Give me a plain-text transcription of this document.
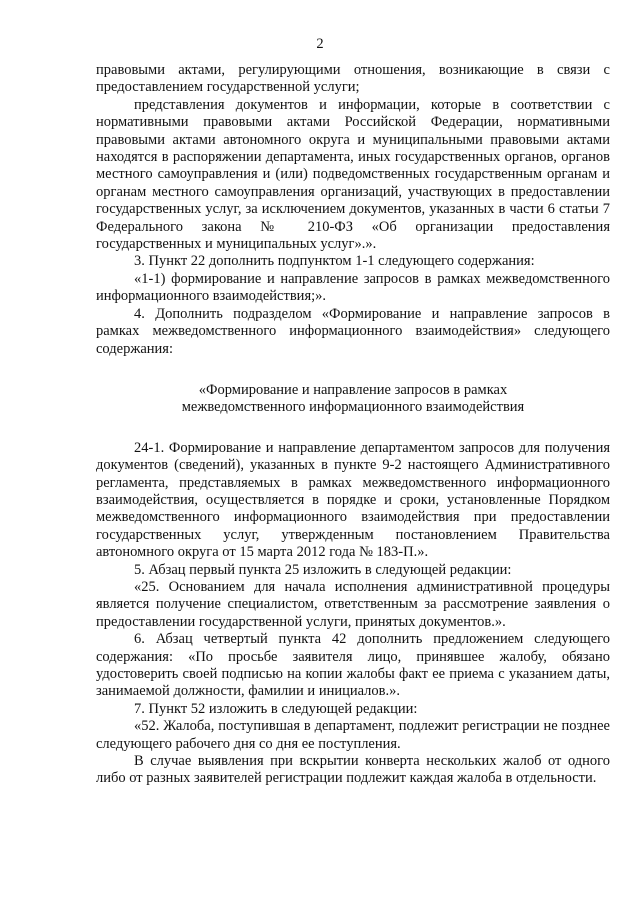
2

правовыми актами, регулирующими отношения, возникающие в связи с предоставлением государственной услуги;

представления документов и информации, которые в соответствии с нормативными правовыми актами Российской Федерации, нормативными правовыми актами автономного округа и муниципальными правовыми актами находятся в распоряжении департамента, иных государственных органов, органов местного самоуправления и (или) подведомственных государственным органам и органам местного самоуправления организаций, участвующих в предоставлении государственных услуг, за исключением документов, указанных в части 6 статьи 7 Федерального закона № 210-ФЗ «Об организации предоставления государственных и муниципальных услуг».».

3. Пункт 22 дополнить подпунктом 1-1 следующего содержания:

«1-1) формирование и направление запросов в рамках межведомственного информационного взаимодействия;».

4. Дополнить подразделом «Формирование и направление запросов в рамках межведомственного информационного взаимодействия» следующего содержания:

«Формирование и направление запросов в рамках
межведомственного информационного взаимодействия

24-1. Формирование и направление департаментом запросов для получения документов (сведений), указанных в пункте 9-2 настоящего Административного регламента, представляемых в рамках межведомственного информационного взаимодействия, осуществляется в порядке и сроки, установленные Порядком межведомственного информационного взаимодействия при предоставлении государственных услуг, утвержденным постановлением Правительства автономного округа от 15 марта 2012 года № 183-П.».

5. Абзац первый пункта 25 изложить в следующей редакции:

«25. Основанием для начала исполнения административной процедуры является получение специалистом, ответственным за рассмотрение заявления о предоставлении государственной услуги, принятых документов.».

6. Абзац четвертый пункта 42 дополнить предложением следующего содержания: «По просьбе заявителя лицо, принявшее жалобу, обязано удостоверить своей подписью на копии жалобы факт ее приема с указанием даты, занимаемой должности, фамилии и инициалов.».

7. Пункт 52 изложить в следующей редакции:

«52. Жалоба, поступившая в департамент, подлежит регистрации не позднее следующего рабочего дня со дня ее поступления.

В случае выявления при вскрытии конверта нескольких жалоб от одного либо от разных заявителей регистрации подлежит каждая жалоба в отдельности.
